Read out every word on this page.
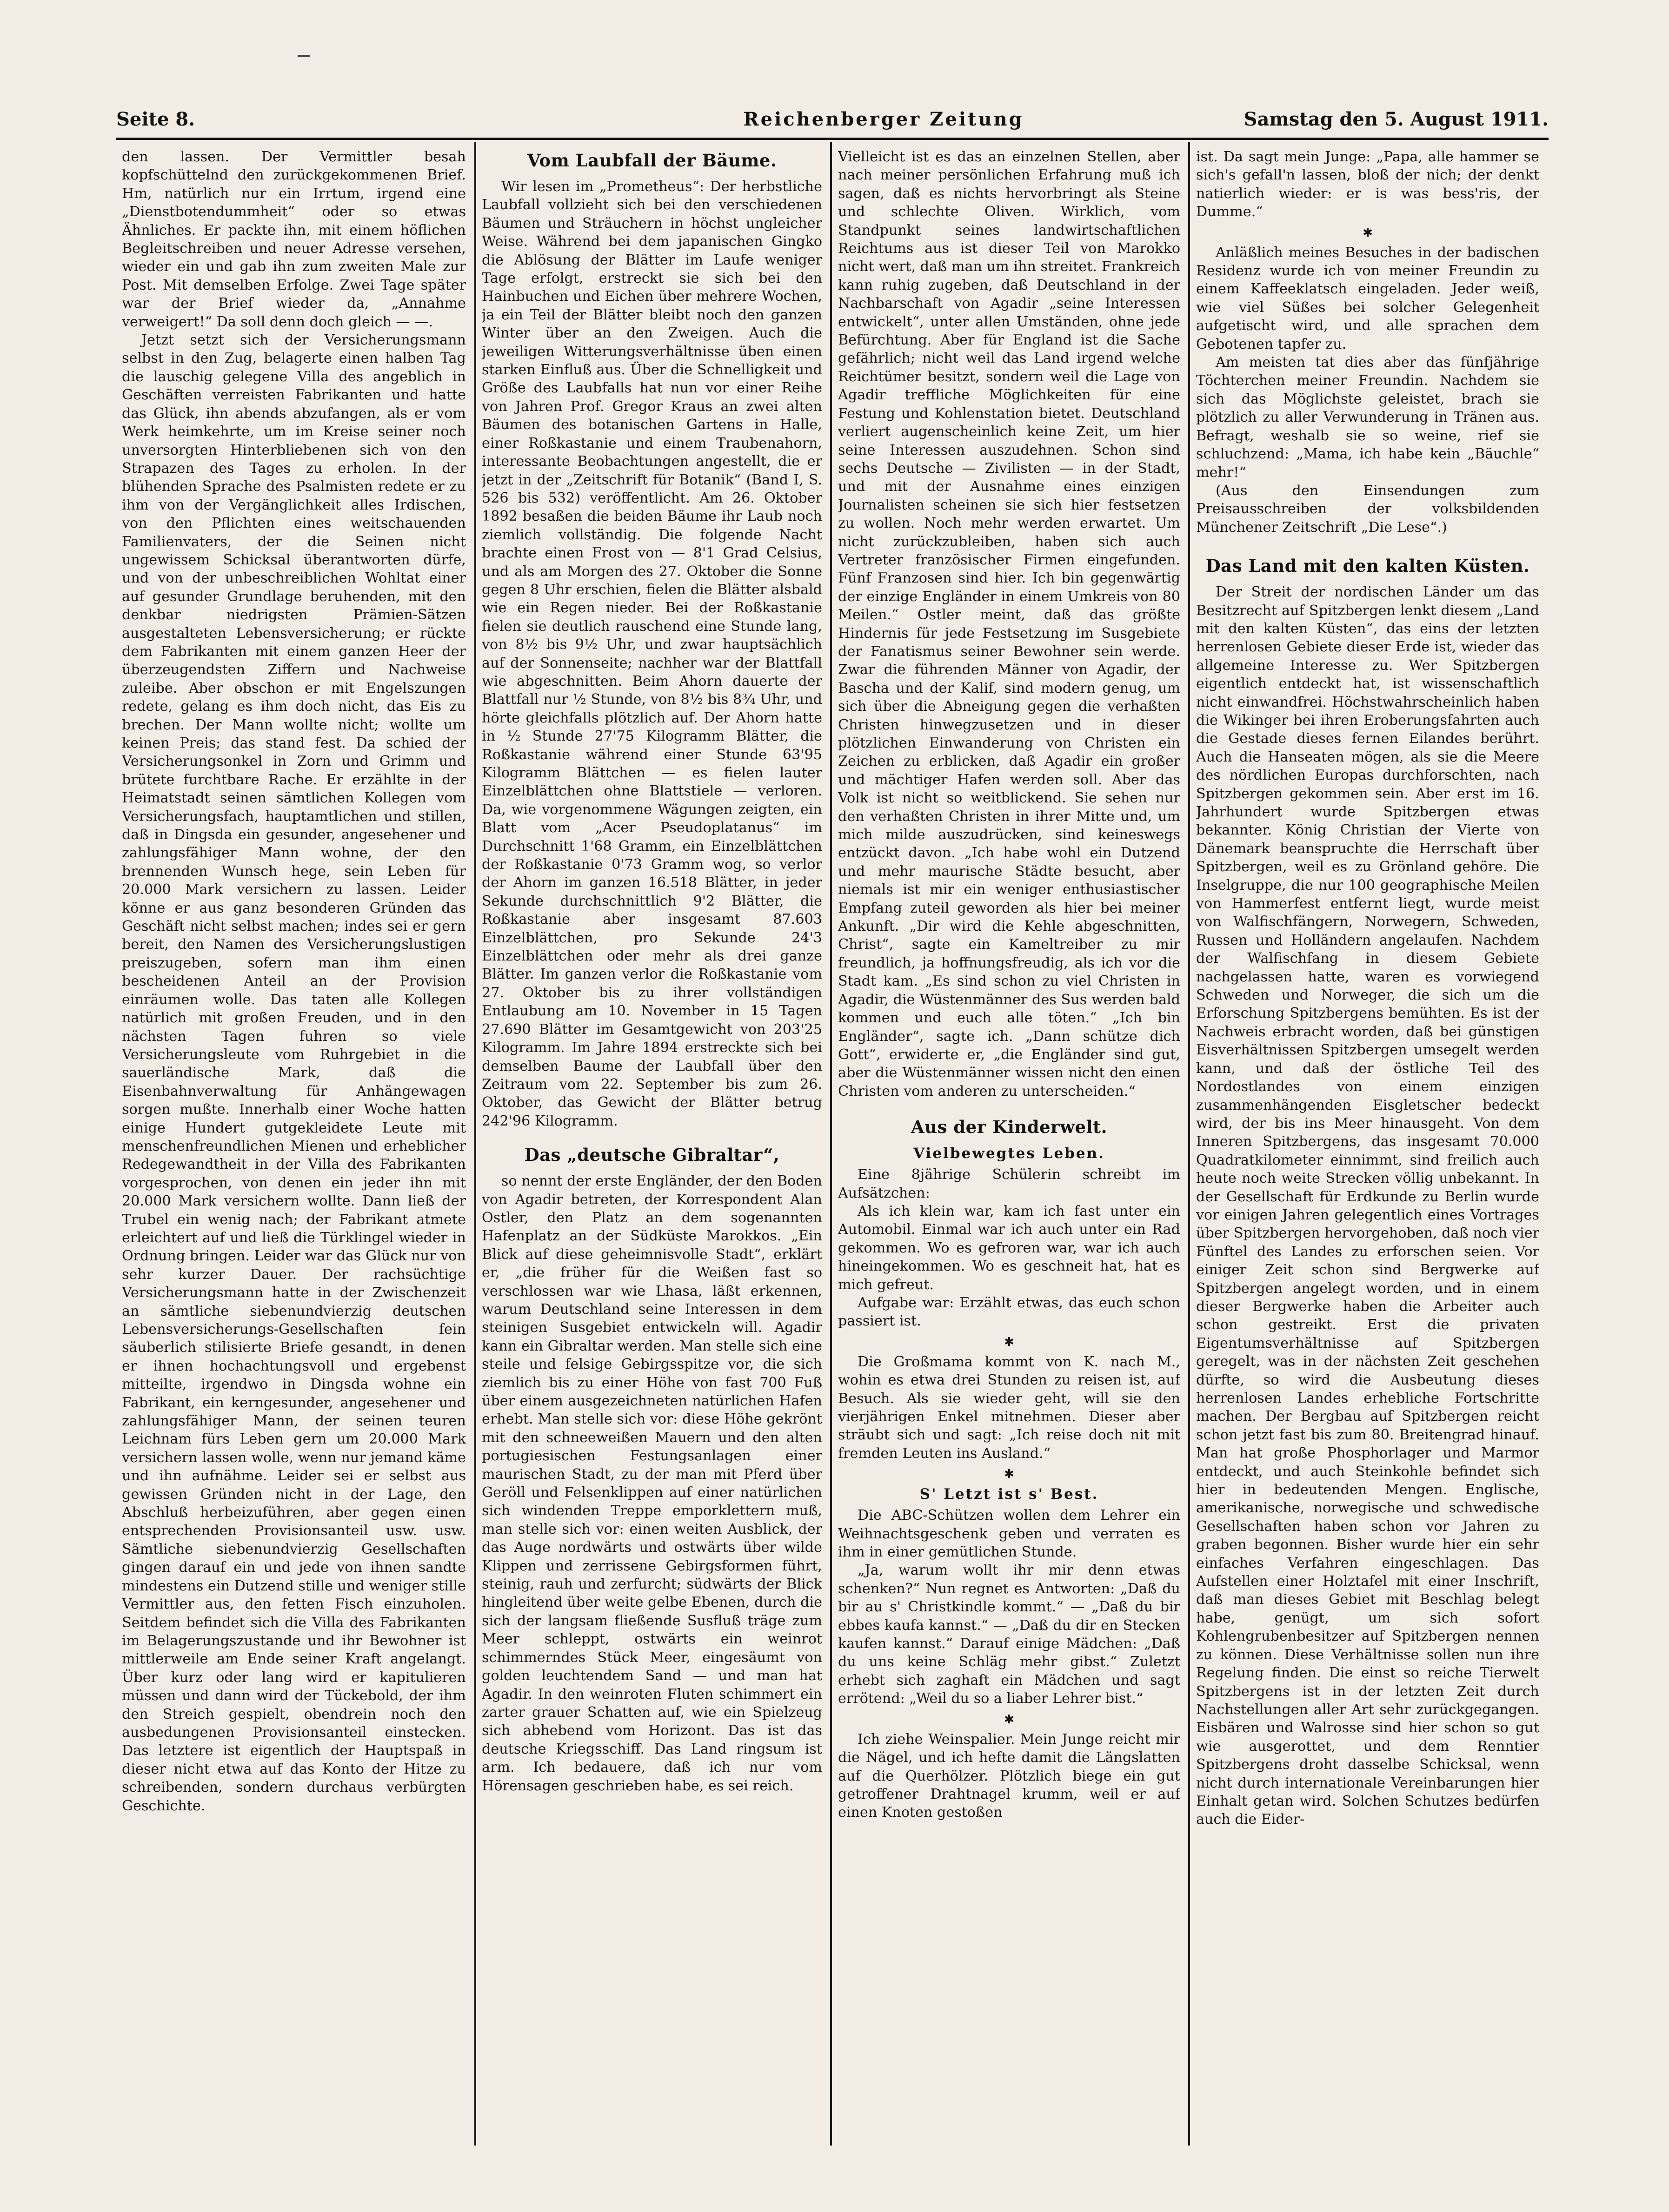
Seite 8.	Reichenberger Zeitung	Samstag den 5. August 1911.

den lassen. Der Vermittler besah kopfschüttelnd den zurückgekommenen Brief. Hm, natürlich nur ein Irrtum, irgend eine „Dienstbotendummheit“ oder so etwas Ähnliches. Er packte ihn, mit einem höflichen Begleitschreiben und neuer Adresse versehen, wieder ein und gab ihn zum zweiten Male zur Post. Mit demselben Erfolge. Zwei Tage später war der Brief wieder da, „Annahme verweigert!“ Da soll denn doch gleich — —.

Jetzt setzt sich der Versicherungsmann selbst in den Zug, belagerte einen halben Tag die lauschig gelegene Villa des angeblich in Geschäften verreisten Fabrikanten und hatte das Glück, ihn abends abzufangen, als er vom Werk heimkehrte, um im Kreise seiner noch unversorgten Hinterbliebenen sich von den Strapazen des Tages zu erholen. In der blühenden Sprache des Psalmisten redete er zu ihm von der Vergänglichkeit alles Irdischen, von den Pflichten eines weitschauenden Familienvaters, der die Seinen nicht ungewissem Schicksal überantworten dürfe, und von der unbeschreiblichen Wohltat einer auf gesunder Grundlage beruhenden, mit den denkbar niedrigsten Prämien-Sätzen ausgestalteten Lebensversicherung; er rückte dem Fabrikanten mit einem ganzen Heer der überzeugendsten Ziffern und Nachweise zuleibe. Aber obschon er mit Engelszungen redete, gelang es ihm doch nicht, das Eis zu brechen. Der Mann wollte nicht; wollte um keinen Preis; das stand fest. Da schied der Versicherungsonkel in Zorn und Grimm und brütete furchtbare Rache. Er erzählte in der Heimatstadt seinen sämtlichen Kollegen vom Versicherungsfach, hauptamtlichen und stillen, daß in Dingsda ein gesunder, angesehener und zahlungsfähiger Mann wohne, der den brennenden Wunsch hege, sein Leben für 20.000 Mark versichern zu lassen. Leider könne er aus ganz besonderen Gründen das Geschäft nicht selbst machen; indes sei er gern bereit, den Namen des Versicherungslustigen preiszugeben, sofern man ihm einen bescheidenen Anteil an der Provision einräumen wolle. Das taten alle Kollegen natürlich mit großen Freuden, und in den nächsten Tagen fuhren so viele Versicherungsleute vom Ruhrgebiet in die sauerländische Mark, daß die Eisenbahnverwaltung für Anhängewagen sorgen mußte. Innerhalb einer Woche hatten einige Hundert gutgekleidete Leute mit menschenfreundlichen Mienen und erheblicher Redegewandtheit in der Villa des Fabrikanten vorgesprochen, von denen ein jeder ihn mit 20.000 Mark versichern wollte. Dann ließ der Trubel ein wenig nach; der Fabrikant atmete erleichtert auf und ließ die Türklingel wieder in Ordnung bringen. Leider war das Glück nur von sehr kurzer Dauer. Der rachsüchtige Versicherungsmann hatte in der Zwischenzeit an sämtliche siebenundvierzig deutschen Lebensversicherungs-Gesellschaften fein säuberlich stilisierte Briefe gesandt, in denen er ihnen hochachtungsvoll und ergebenst mitteilte, irgendwo in Dingsda wohne ein Fabrikant, ein kerngesunder, angesehener und zahlungsfähiger Mann, der seinen teuren Leichnam fürs Leben gern um 20.000 Mark versichern lassen wolle, wenn nur jemand käme und ihn aufnähme. Leider sei er selbst aus gewissen Gründen nicht in der Lage, den Abschluß herbeizuführen, aber gegen einen entsprechenden Provisionsanteil usw. usw. Sämtliche siebenundvierzig Gesellschaften gingen darauf ein und jede von ihnen sandte mindestens ein Dutzend stille und weniger stille Vermittler aus, den fetten Fisch einzuholen. Seitdem befindet sich die Villa des Fabrikanten im Belagerungszustande und ihr Bewohner ist mittlerweile am Ende seiner Kraft angelangt. Über kurz oder lang wird er kapitulieren müssen und dann wird der Tückebold, der ihm den Streich gespielt, obendrein noch den ausbedungenen Provisionsanteil einstecken. Das letztere ist eigentlich der Hauptspaß in dieser nicht etwa auf das Konto der Hitze zu schreibenden, sondern durchaus verbürgten Geschichte.

Vom Laubfall der Bäume.

Wir lesen im „Prometheus“: Der herbstliche Laubfall vollzieht sich bei den verschiedenen Bäumen und Sträuchern in höchst ungleicher Weise. Während bei dem japanischen Gingko die Ablösung der Blätter im Laufe weniger Tage erfolgt, erstreckt sie sich bei den Hainbuchen und Eichen über mehrere Wochen, ja ein Teil der Blätter bleibt noch den ganzen Winter über an den Zweigen. Auch die jeweiligen Witterungsverhältnisse üben einen starken Einfluß aus. Über die Schnelligkeit und Größe des Laubfalls hat nun vor einer Reihe von Jahren Prof. Gregor Kraus an zwei alten Bäumen des botanischen Gartens in Halle, einer Roßkastanie und einem Traubenahorn, interessante Beobachtungen angestellt, die er jetzt in der „Zeitschrift für Botanik“ (Band I, S. 526 bis 532) veröffentlicht. Am 26. Oktober 1892 besaßen die beiden Bäume ihr Laub noch ziemlich vollständig. Die folgende Nacht brachte einen Frost von — 8'1 Grad Celsius, und als am Morgen des 27. Oktober die Sonne gegen 8 Uhr erschien, fielen die Blätter alsbald wie ein Regen nieder. Bei der Roßkastanie fielen sie deutlich rauschend eine Stunde lang, von 8½ bis 9½ Uhr, und zwar hauptsächlich auf der Sonnenseite; nachher war der Blattfall wie abgeschnitten. Beim Ahorn dauerte der Blattfall nur ½ Stunde, von 8½ bis 8¾ Uhr, und hörte gleichfalls plötzlich auf. Der Ahorn hatte in ½ Stunde 27'75 Kilogramm Blätter, die Roßkastanie während einer Stunde 63'95 Kilogramm Blättchen — es fielen lauter Einzelblättchen ohne Blattstiele — verloren. Da, wie vorgenommene Wägungen zeigten, ein Blatt vom „Acer Pseudoplatanus“ im Durchschnitt 1'68 Gramm, ein Einzelblättchen der Roßkastanie 0'73 Gramm wog, so verlor der Ahorn im ganzen 16.518 Blätter, in jeder Sekunde durchschnittlich 9'2 Blätter, die Roßkastanie aber insgesamt 87.603 Einzelblättchen, pro Sekunde 24'3 Einzelblättchen oder mehr als drei ganze Blätter. Im ganzen verlor die Roßkastanie vom 27. Oktober bis zu ihrer vollständigen Entlaubung am 10. November in 15 Tagen 27.690 Blätter im Gesamtgewicht von 203'25 Kilogramm. Im Jahre 1894 erstreckte sich bei demselben Baume der Laubfall über den Zeitraum vom 22. September bis zum 26. Oktober, das Gewicht der Blätter betrug 242'96 Kilogramm.

Das „deutsche Gibraltar“,

so nennt der erste Engländer, der den Boden von Agadir betreten, der Korrespondent Alan Ostler, den Platz an dem sogenannten Hafenplatz an der Südküste Marokkos. „Ein Blick auf diese geheimnisvolle Stadt“, erklärt er, „die früher für die Weißen fast so verschlossen war wie Lhasa, läßt erkennen, warum Deutschland seine Interessen in dem steinigen Susgebiet entwickeln will. Agadir kann ein Gibraltar werden. Man stelle sich eine steile und felsige Gebirgsspitze vor, die sich ziemlich bis zu einer Höhe von fast 700 Fuß über einem ausgezeichneten natürlichen Hafen erhebt. Man stelle sich vor: diese Höhe gekrönt mit den schneeweißen Mauern und den alten portugiesischen Festungsanlagen einer maurischen Stadt, zu der man mit Pferd über Geröll und Felsenklippen auf einer natürlichen sich windenden Treppe emporklettern muß, man stelle sich vor: einen weiten Ausblick, der das Auge nordwärts und ostwärts über wilde Klippen und zerrissene Gebirgsformen führt, steinig, rauh und zerfurcht; südwärts der Blick hingleitend über weite gelbe Ebenen, durch die sich der langsam fließende Susfluß träge zum Meer schleppt, ostwärts ein weinrot schimmerndes Stück Meer, eingesäumt von golden leuchtendem Sand — und man hat Agadir. In den weinroten Fluten schimmert ein zarter grauer Schatten auf, wie ein Spielzeug sich abhebend vom Horizont. Das ist das deutsche Kriegsschiff. Das Land ringsum ist arm. Ich bedauere, daß ich nur vom Hörensagen geschrieben habe, es sei reich.

Vielleicht ist es das an einzelnen Stellen, aber nach meiner persönlichen Erfahrung muß ich sagen, daß es nichts hervorbringt als Steine und schlechte Oliven. Wirklich, vom Standpunkt seines landwirtschaftlichen Reichtums aus ist dieser Teil von Marokko nicht wert, daß man um ihn streitet. Frankreich kann ruhig zugeben, daß Deutschland in der Nachbarschaft von Agadir „seine Interessen entwickelt“, unter allen Umständen, ohne jede Befürchtung. Aber für England ist die Sache gefährlich; nicht weil das Land irgend welche Reichtümer besitzt, sondern weil die Lage von Agadir treffliche Möglichkeiten für eine Festung und Kohlenstation bietet. Deutschland verliert augenscheinlich keine Zeit, um hier seine Interessen auszudehnen. Schon sind sechs Deutsche — Zivilisten — in der Stadt, und mit der Ausnahme eines einzigen Journalisten scheinen sie sich hier festsetzen zu wollen. Noch mehr werden erwartet. Um nicht zurückzubleiben, haben sich auch Vertreter französischer Firmen eingefunden. Fünf Franzosen sind hier. Ich bin gegenwärtig der einzige Engländer in einem Umkreis von 80 Meilen.“ Ostler meint, daß das größte Hindernis für jede Festsetzung im Susgebiete der Fanatismus seiner Bewohner sein werde. Zwar die führenden Männer von Agadir, der Bascha und der Kalif, sind modern genug, um sich über die Abneigung gegen die verhaßten Christen hinwegzusetzen und in dieser plötzlichen Einwanderung von Christen ein Zeichen zu erblicken, daß Agadir ein großer und mächtiger Hafen werden soll. Aber das Volk ist nicht so weitblickend. Sie sehen nur den verhaßten Christen in ihrer Mitte und, um mich milde auszudrücken, sind keineswegs entzückt davon. „Ich habe wohl ein Dutzend und mehr maurische Städte besucht, aber niemals ist mir ein weniger enthusiastischer Empfang zuteil geworden als hier bei meiner Ankunft. „Dir wird die Kehle abgeschnitten, Christ“, sagte ein Kameltreiber zu mir freundlich, ja hoffnungsfreudig, als ich vor die Stadt kam. „Es sind schon zu viel Christen in Agadir, die Wüstenmänner des Sus werden bald kommen und euch alle töten.“ „Ich bin Engländer“, sagte ich. „Dann schütze dich Gott“, erwiderte er, „die Engländer sind gut, aber die Wüstenmänner wissen nicht den einen Christen vom anderen zu unterscheiden.“

Aus der Kinderwelt.
Vielbewegtes Leben.

Eine 8jährige Schülerin schreibt im Aufsätzchen:

Als ich klein war, kam ich fast unter ein Automobil. Einmal war ich auch unter ein Rad gekommen. Wo es gefroren war, war ich auch hineingekommen. Wo es geschneit hat, hat es mich gefreut.

Aufgabe war: Erzählt etwas, das euch schon passiert ist.

✱

Die Großmama kommt von K. nach M., wohin es etwa drei Stunden zu reisen ist, auf Besuch. Als sie wieder geht, will sie den vierjährigen Enkel mitnehmen. Dieser aber sträubt sich und sagt: „Ich reise doch nit mit fremden Leuten ins Ausland.“

✱
S' Letzt ist s' Best.

Die ABC-Schützen wollen dem Lehrer ein Weihnachtsgeschenk geben und verraten es ihm in einer gemütlichen Stunde.

„Ja, warum wollt ihr mir denn etwas schenken?“ Nun regnet es Antworten: „Daß du bir au s' Christkindle kommt.“ — „Daß du bir ebbes kaufa kannst.“ — „Daß du dir en Stecken kaufen kannst.“ Darauf einige Mädchen: „Daß du uns keine Schläg mehr gibst.“ Zuletzt erhebt sich zaghaft ein Mädchen und sagt errötend: „Weil du so a liaber Lehrer bist.“

✱

Ich ziehe Weinspalier. Mein Junge reicht mir die Nägel, und ich hefte damit die Längslatten auf die Querhölzer. Plötzlich biege ein gut getroffener Drahtnagel krumm, weil er auf einen Knoten gestoßen

ist. Da sagt mein Junge: „Papa, alle hammer se sich's gefall'n lassen, bloß der nich; der denkt natierlich wieder: er is was bess'ris, der Dumme.“

✱

Anläßlich meines Besuches in der badischen Residenz wurde ich von meiner Freundin zu einem Kaffeeklatsch eingeladen. Jeder weiß, wie viel Süßes bei solcher Gelegenheit aufgetischt wird, und alle sprachen dem Gebotenen tapfer zu.

Am meisten tat dies aber das fünfjährige Töchterchen meiner Freundin. Nachdem sie sich das Möglichste geleistet, brach sie plötzlich zu aller Verwunderung in Tränen aus. Befragt, weshalb sie so weine, rief sie schluchzend: „Mama, ich habe kein „Bäuchle“ mehr!“

(Aus den Einsendungen zum Preisausschreiben der volksbildenden Münchener Zeitschrift „Die Lese“.)

Das Land mit den kalten Küsten.

Der Streit der nordischen Länder um das Besitzrecht auf Spitzbergen lenkt diesem „Land mit den kalten Küsten“, das eins der letzten herrenlosen Gebiete dieser Erde ist, wieder das allgemeine Interesse zu. Wer Spitzbergen eigentlich entdeckt hat, ist wissenschaftlich nicht einwandfrei. Höchstwahrscheinlich haben die Wikinger bei ihren Eroberungsfahrten auch die Gestade dieses fernen Eilandes berührt. Auch die Hanseaten mögen, als sie die Meere des nördlichen Europas durchforschten, nach Spitzbergen gekommen sein. Aber erst im 16. Jahrhundert wurde Spitzbergen etwas bekannter. König Christian der Vierte von Dänemark beanspruchte die Herrschaft über Spitzbergen, weil es zu Grönland gehöre. Die Inselgruppe, die nur 100 geographische Meilen von Hammerfest entfernt liegt, wurde meist von Walfischfängern, Norwegern, Schweden, Russen und Holländern angelaufen. Nachdem der Walfischfang in diesem Gebiete nachgelassen hatte, waren es vorwiegend Schweden und Norweger, die sich um die Erforschung Spitzbergens bemühten. Es ist der Nachweis erbracht worden, daß bei günstigen Eisverhältnissen Spitzbergen umsegelt werden kann, und daß der östliche Teil des Nordostlandes von einem einzigen zusammenhängenden Eisgletscher bedeckt wird, der bis ins Meer hinausgeht. Von dem Inneren Spitzbergens, das insgesamt 70.000 Quadratkilometer einnimmt, sind freilich auch heute noch weite Strecken völlig unbekannt. In der Gesellschaft für Erdkunde zu Berlin wurde vor einigen Jahren gelegentlich eines Vortrages über Spitzbergen hervorgehoben, daß noch vier Fünftel des Landes zu erforschen seien. Vor einiger Zeit schon sind Bergwerke auf Spitzbergen angelegt worden, und in einem dieser Bergwerke haben die Arbeiter auch schon gestreikt. Erst die privaten Eigentumsverhältnisse auf Spitzbergen geregelt, was in der nächsten Zeit geschehen dürfte, so wird die Ausbeutung dieses herrenlosen Landes erhebliche Fortschritte machen. Der Bergbau auf Spitzbergen reicht schon jetzt fast bis zum 80. Breitengrad hinauf. Man hat große Phosphorlager und Marmor entdeckt, und auch Steinkohle befindet sich hier in bedeutenden Mengen. Englische, amerikanische, norwegische und schwedische Gesellschaften haben schon vor Jahren zu graben begonnen. Bisher wurde hier ein sehr einfaches Verfahren eingeschlagen. Das Aufstellen einer Holztafel mit einer Inschrift, daß man dieses Gebiet mit Beschlag belegt habe, genügt, um sich sofort Kohlengrubenbesitzer auf Spitzbergen nennen zu können. Diese Verhältnisse sollen nun ihre Regelung finden. Die einst so reiche Tierwelt Spitzbergens ist in der letzten Zeit durch Nachstellungen aller Art sehr zurückgegangen. Eisbären und Walrosse sind hier schon so gut wie ausgerottet, und dem Renntier Spitzbergens droht dasselbe Schicksal, wenn nicht durch internationale Vereinbarungen hier Einhalt getan wird. Solchen Schutzes bedürfen auch die Eider-
